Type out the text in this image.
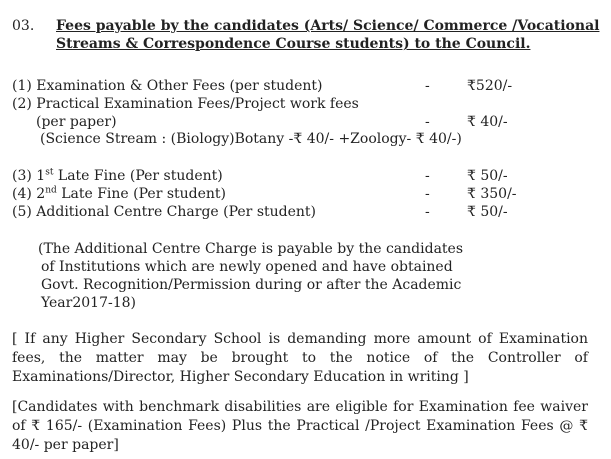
03. Fees payable by the candidates (Arts/ Science/ Commerce /Vocational
Streams & Correspondence Course students) to the Council.
(1) Examination & Other Fees (per student)	-	₹520/-
(2) Practical Examination Fees/Project work fees
(per paper)	-	₹ 40/-
(Science Stream : (Biology)Botany -₹ 40/- +Zoology- ₹ 40/-)
(3) 1st Late Fine (Per student)	-	₹ 50/-
(4) 2nd Late Fine (Per student)	-	₹ 350/-
(5) Additional Centre Charge (Per student)	-	₹ 50/-
(The Additional Centre Charge is payable by the candidates
of Institutions which are newly opened and have obtained
Govt. Recognition/Permission during or after the Academic
Year2017-18)
[ If any Higher Secondary School is demanding more amount of Examination fees, the matter may be brought to the notice of the Controller of Examinations/Director, Higher Secondary Education in writing ]
[Candidates with benchmark disabilities are eligible for Examination fee waiver of ₹ 165/- (Examination Fees) Plus the Practical /Project Examination Fees @ ₹ 40/- per paper]
